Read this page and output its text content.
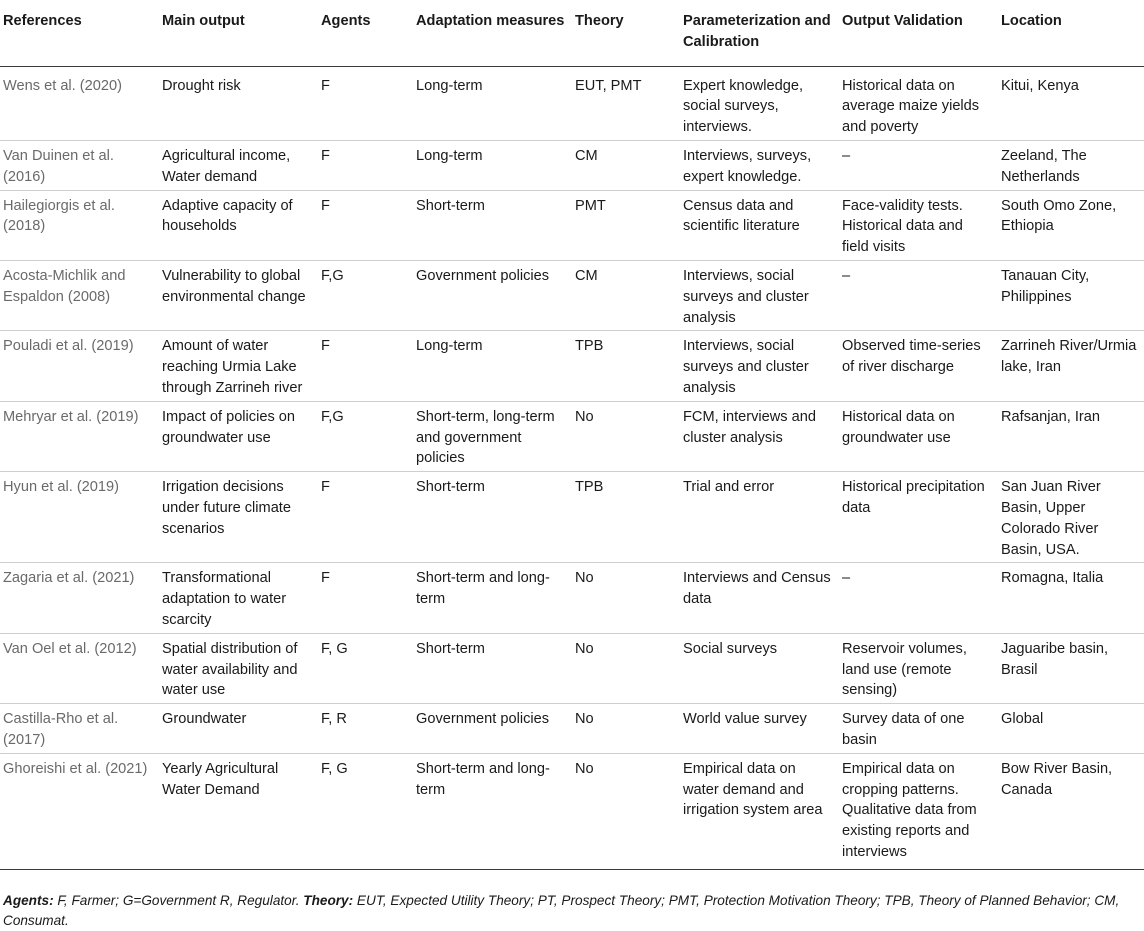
References	Main output	Agents	Adaptation measures	Theory	Parameterization and Calibration	Output Validation	Location
Wens et al. (2020)	Drought risk	F	Long-term	EUT, PMT	Expert knowledge, social surveys, interviews.	Historical data on average maize yields and poverty	Kitui, Kenya
Van Duinen et al. (2016)	Agricultural income, Water demand	F	Long-term	CM	Interviews, surveys, expert knowledge.	–	Zeeland, The Netherlands
Hailegiorgis et al. (2018)	Adaptive capacity of households	F	Short-term	PMT	Census data and scientific literature	Face-validity tests. Historical data and field visits	South Omo Zone, Ethiopia
Acosta-Michlik and Espaldon (2008)	Vulnerability to global environmental change	F,G	Government policies	CM	Interviews, social surveys and cluster analysis	–	Tanauan City, Philippines
Pouladi et al. (2019)	Amount of water reaching Urmia Lake through Zarrineh river	F	Long-term	TPB	Interviews, social surveys and cluster analysis	Observed time-series of river discharge	Zarrineh River/Urmia lake, Iran
Mehryar et al. (2019)	Impact of policies on groundwater use	F,G	Short-term, long-term and government policies	No	FCM, interviews and cluster analysis	Historical data on groundwater use	Rafsanjan, Iran
Hyun et al. (2019)	Irrigation decisions under future climate scenarios	F	Short-term	TPB	Trial and error	Historical precipitation data	San Juan River Basin, Upper Colorado River Basin, USA.
Zagaria et al. (2021)	Transformational adaptation to water scarcity	F	Short-term and long-term	No	Interviews and Census data	–	Romagna, Italia
Van Oel et al. (2012)	Spatial distribution of water availability and water use	F, G	Short-term	No	Social surveys	Reservoir volumes, land use (remote sensing)	Jaguaribe basin, Brasil
Castilla-Rho et al. (2017)	Groundwater	F, R	Government policies	No	World value survey	Survey data of one basin	Global
Ghoreishi et al. (2021)	Yearly Agricultural Water Demand	F, G	Short-term and long-term	No	Empirical data on water demand and irrigation system area	Empirical data on cropping patterns. Qualitative data from existing reports and interviews	Bow River Basin, Canada
Agents: F, Farmer; G=Government R, Regulator. Theory: EUT, Expected Utility Theory; PT, Prospect Theory; PMT, Protection Motivation Theory; TPB, Theory of Planned Behavior; CM, Consumat.
